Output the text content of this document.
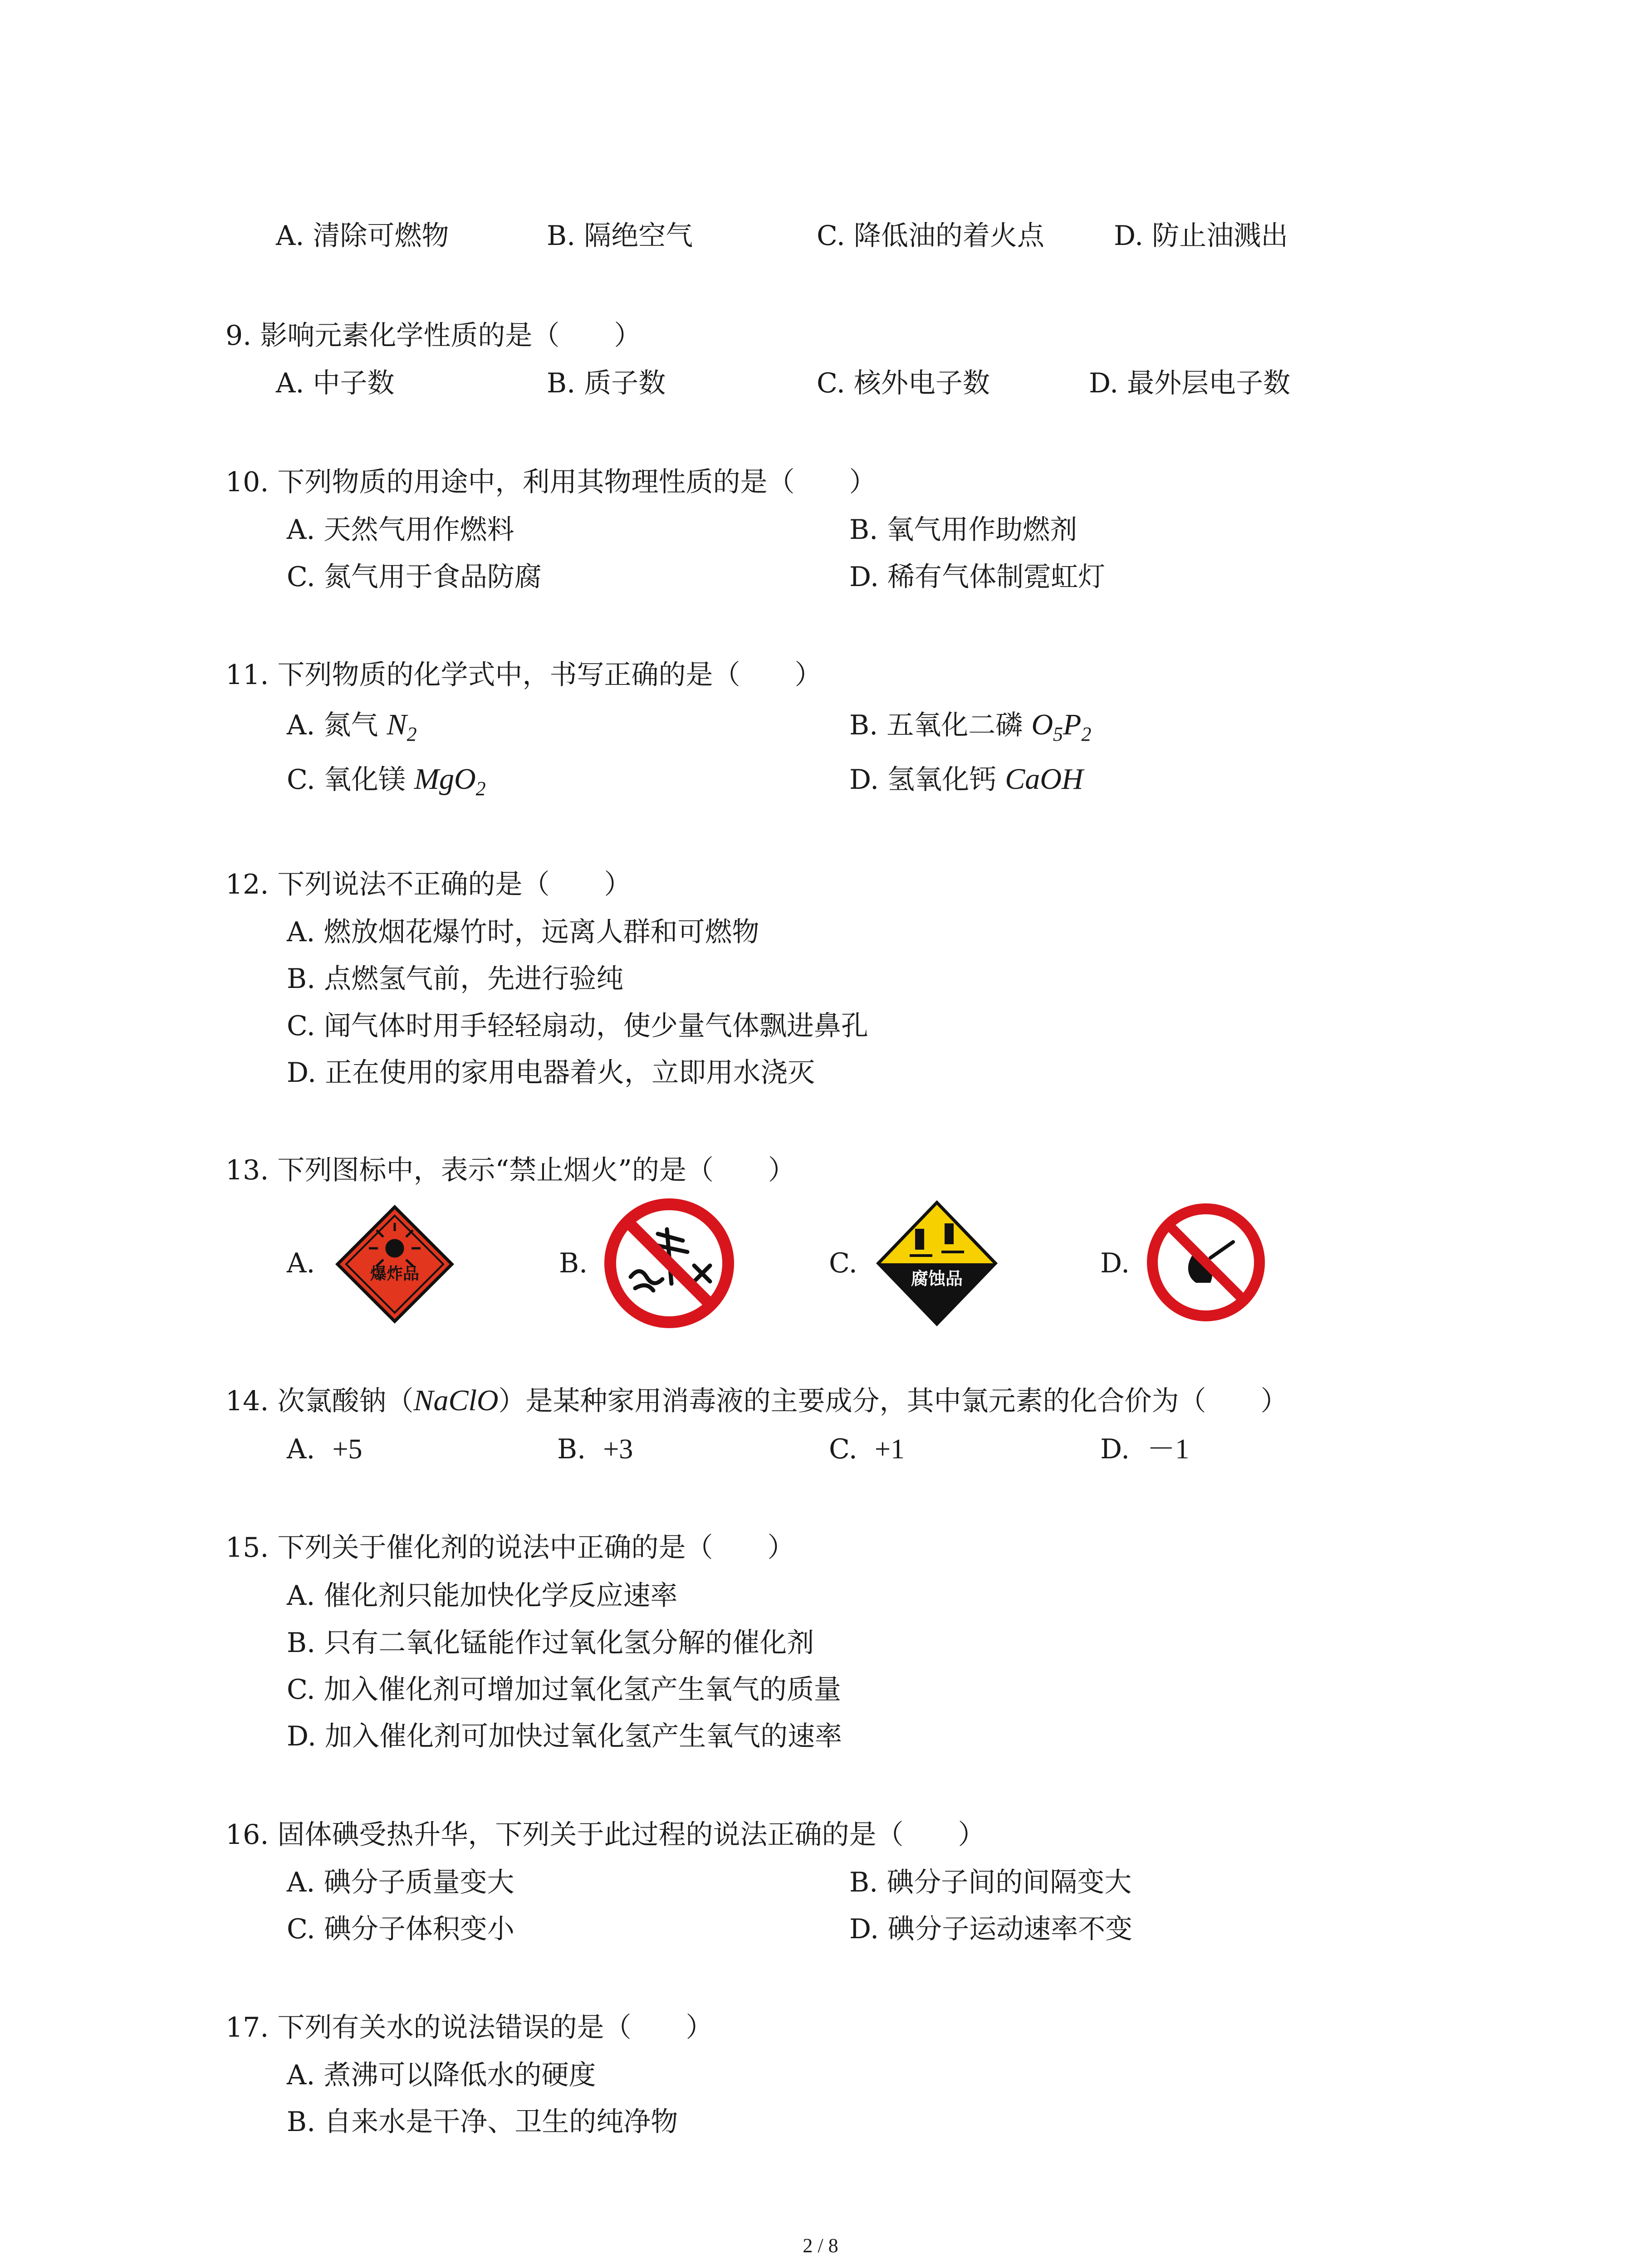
A. 清除可燃物	B. 隔绝空气	C. 降低油的着火点	D. 防止油溅出
9. 影响元素化学性质的是（　　）
A. 中子数	B. 质子数	C. 核外电子数	D. 最外层电子数
10. 下列物质的用途中，利用其物理性质的是（　　）
A. 天然气用作燃料	B. 氧气用作助燃剂
C. 氮气用于食品防腐	D. 稀有气体制霓虹灯
11. 下列物质的化学式中，书写正确的是（　　）
A. 氮气 $N_2$	B. 五氧化二磷 $O_5P_2$
C. 氧化镁 MgO$_2$	D. 氢氧化钙 CaOH
12. 下列说法不正确的是（　　）
A. 燃放烟花爆竹时，远离人群和可燃物
B. 点燃氢气前，先进行验纯
C. 闻气体时用手轻轻扇动，使少量气体飘进鼻孔
D. 正在使用的家用电器着火，立即用水浇灭
13. 下列图标中，表示“禁止烟火”的是（　　）
A.	B.	C.	D.
爆炸品	腐蚀品
14. 次氯酸钠（NaClO）是某种家用消毒液的主要成分，其中氯元素的化合价为（　　）
A. +5	B. +3	C. +1	D. －1
15. 下列关于催化剂的说法中正确的是（　　）
A. 催化剂只能加快化学反应速率
B. 只有二氧化锰能作过氧化氢分解的催化剂
C. 加入催化剂可增加过氧化氢产生氧气的质量
D. 加入催化剂可加快过氧化氢产生氧气的速率
16. 固体碘受热升华，下列关于此过程的说法正确的是（　　）
A. 碘分子质量变大	B. 碘分子间的间隔变大
C. 碘分子体积变小	D. 碘分子运动速率不变
17. 下列有关水的说法错误的是（　　）
A. 煮沸可以降低水的硬度
B. 自来水是干净、卫生的纯净物
2 / 8
